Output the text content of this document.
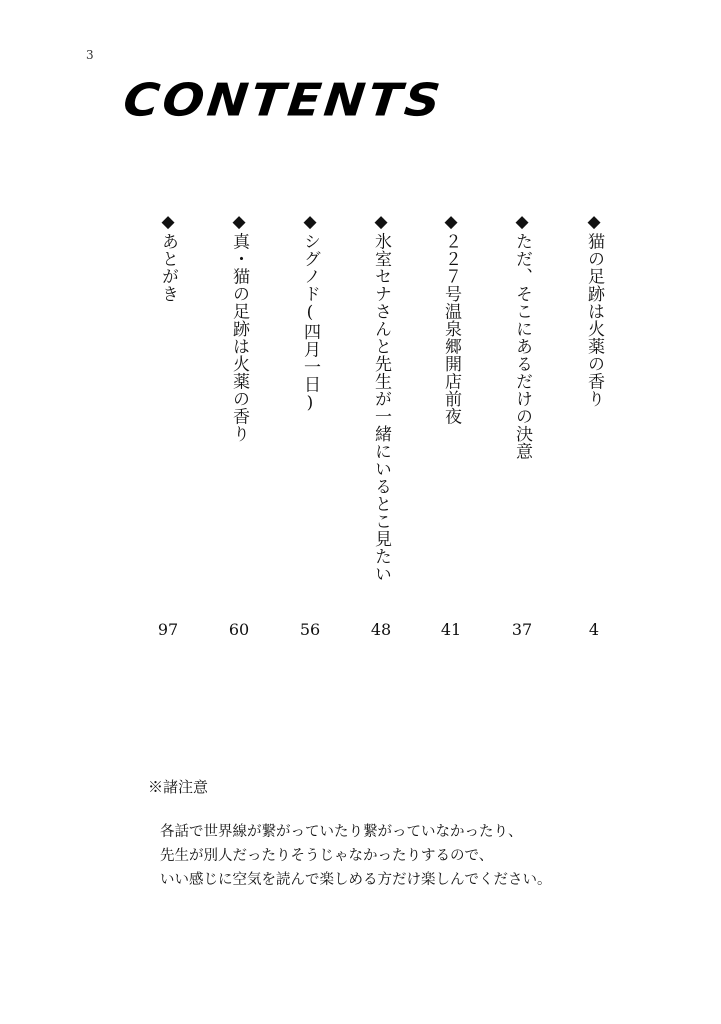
3
CONTENTS
◆猫の足跡は火薬の香り
4
◆ただ、そこにあるだけの決意
37
◆２２７号温泉郷開店前夜
41
◆氷室セナさんと先生が一緒にいるとこ見たい
48
◆シグノド(四月一日)
56
◆真・猫の足跡は火薬の香り
60
◆あとがき
97
※諸注意
各話で世界線が繋がっていたり繋がっていなかったり、
先生が別人だったりそうじゃなかったりするので、
いい感じに空気を読んで楽しめる方だけ楽しんでください。
